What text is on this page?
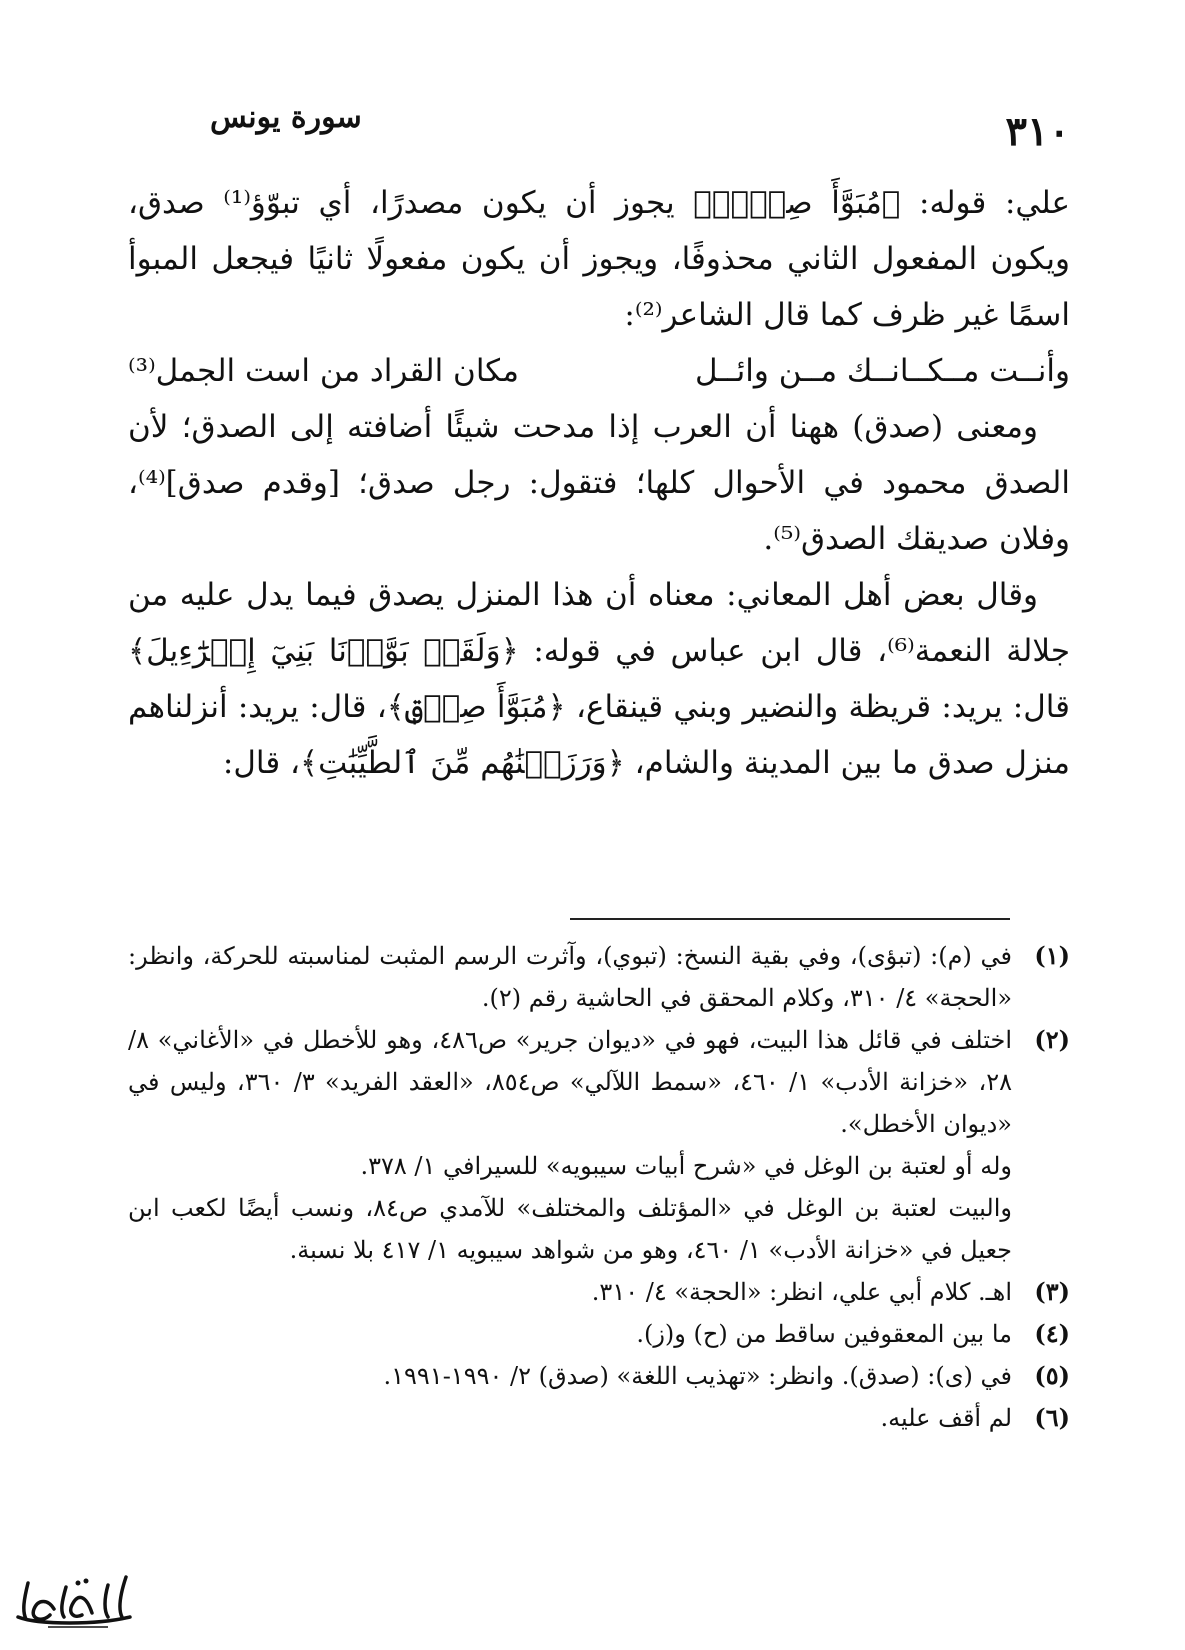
٣١٠
سورة يونس

علي: قوله: ﴿مُبَوَّأَ صِدۡقٖ﴾ يجوز أن يكون مصدرًا، أي تبوّؤ⁽¹⁾ صدق، ويكون المفعول الثاني محذوفًا، ويجوز أن يكون مفعولًا ثانيًا فيجعل المبوأ اسمًا غير ظرف كما قال الشاعر⁽²⁾:

وأنــت مــكــانــك مــن وائــل
مكان القراد من است الجمل⁽³⁾

ومعنى (صدق) ههنا أن العرب إذا مدحت شيئًا أضافته إلى الصدق؛ لأن الصدق محمود في الأحوال كلها؛ فتقول: رجل صدق؛ [وقدم صدق]⁽⁴⁾، وفلان صديقك الصدق⁽⁵⁾.

وقال بعض أهل المعاني: معناه أن هذا المنزل يصدق فيما يدل عليه من جلالة النعمة⁽⁶⁾، قال ابن عباس في قوله: ﴿وَلَقَدۡ بَوَّأۡنَا بَنِيٓ إِسۡرَٰٓءِيلَ﴾ قال: يريد: قريظة والنضير وبني قينقاع، ﴿مُبَوَّأَ صِدۡقٖ﴾، قال: يريد: أنزلناهم منزل صدق ما بين المدينة والشام، ﴿وَرَزَقۡنَٰهُم مِّنَ ٱلطَّيِّبَٰتِ﴾، قال:

(١)
في (م): (تبؤى)، وفي بقية النسخ: (تبوي)، وآثرت الرسم المثبت لمناسبته للحركة، وانظر: «الحجة» ٤/ ٣١٠، وكلام المحقق في الحاشية رقم (٢).
(٢)
اختلف في قائل هذا البيت، فهو في «ديوان جرير» ص٤٨٦، وهو للأخطل في «الأغاني» ٨/ ٢٨، «خزانة الأدب» ١/ ٤٦٠، «سمط اللآلي» ص٨٥٤، «العقد الفريد» ٣/ ٣٦٠، وليس في «ديوان الأخطل».

وله أو لعتبة بن الوغل في «شرح أبيات سيبويه» للسيرافي ١/ ٣٧٨.

والبيت لعتبة بن الوغل في «المؤتلف والمختلف» للآمدي ص٨٤، ونسب أيضًا لكعب ابن جعيل في «خزانة الأدب» ١/ ٤٦٠، وهو من شواهد سيبويه ١/ ٤١٧ بلا نسبة.

(٣)
اهـ. كلام أبي علي، انظر: «الحجة» ٤/ ٣١٠.
(٤)
ما بين المعقوفين ساقط من (ح) و(ز).
(٥)
في (ى): (صدق). وانظر: «تهذيب اللغة» (صدق) ٢/ ١٩٩٠-١٩٩١.
(٦)
لم أقف عليه.
